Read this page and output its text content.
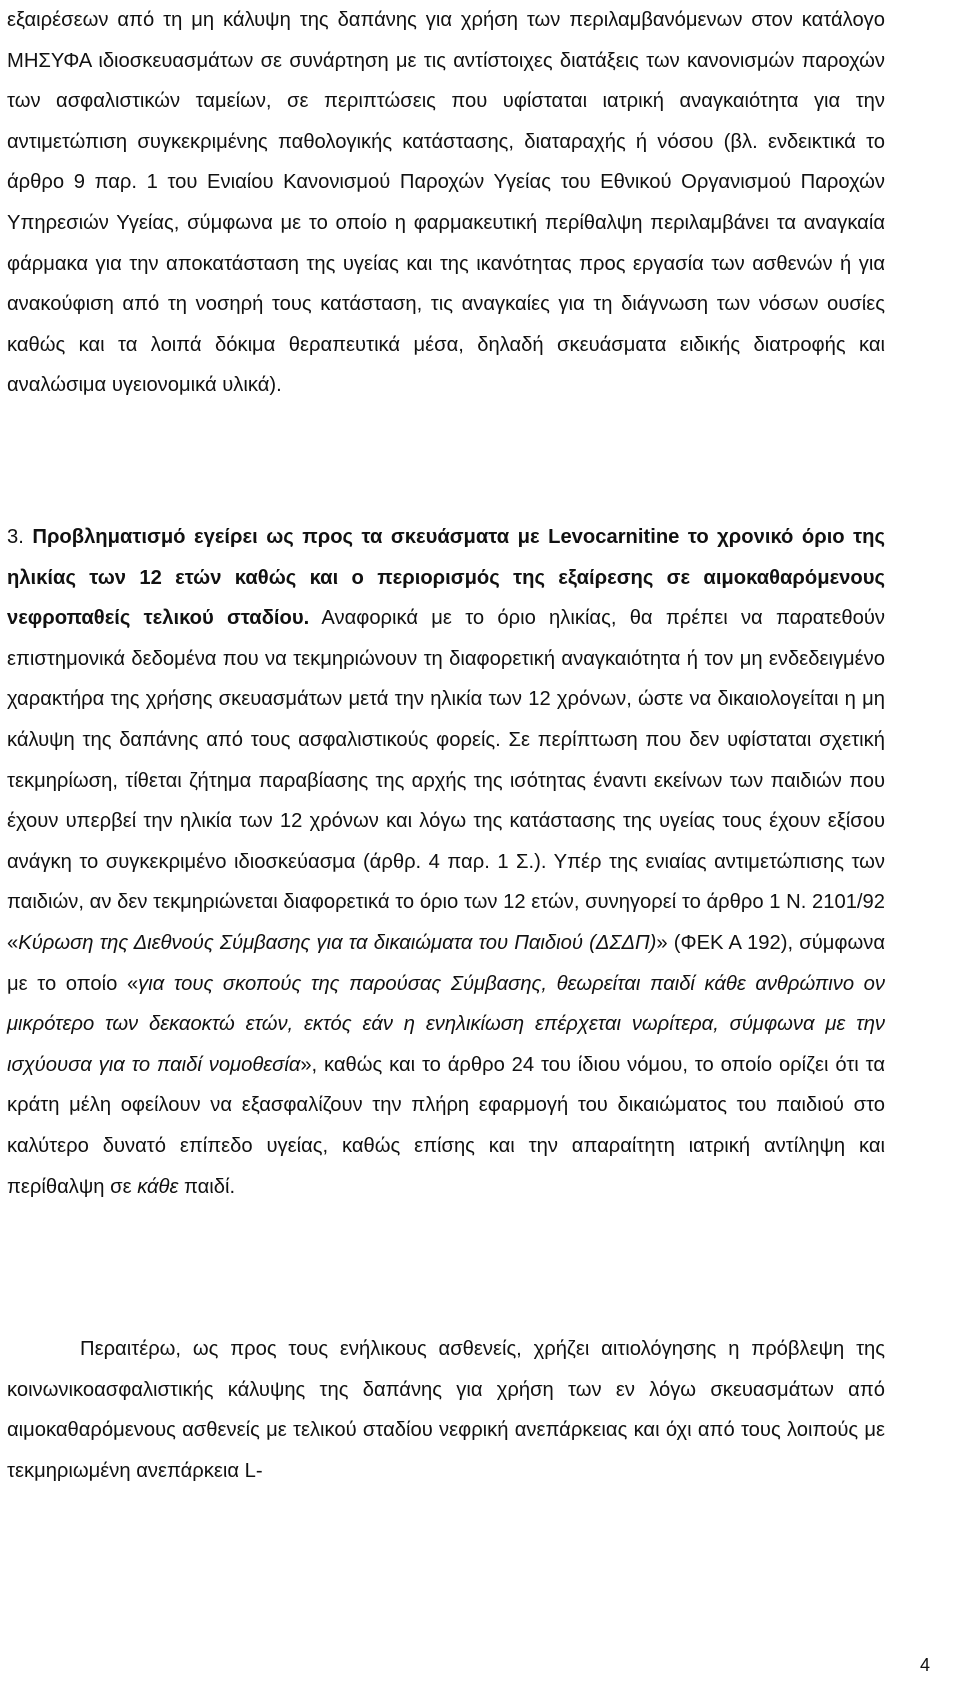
εξαιρέσεων από τη μη κάλυψη της δαπάνης για χρήση των περιλαμβανόμενων στον κατάλογο ΜΗΣΥΦΑ ιδιοσκευασμάτων σε συνάρτηση με τις αντίστοιχες διατάξεις των κανονισμών παροχών των ασφαλιστικών ταμείων, σε περιπτώσεις που υφίσταται ιατρική αναγκαιότητα για την αντιμετώπιση συγκεκριμένης παθολογικής κατάστασης, διαταραχής ή νόσου (βλ. ενδεικτικά το άρθρο 9 παρ. 1 του Ενιαίου Κανονισμού Παροχών Υγείας του Εθνικού Οργανισμού Παροχών Υπηρεσιών Υγείας, σύμφωνα με το οποίο η φαρμακευτική περίθαλψη περιλαμβάνει τα αναγκαία φάρμακα για την αποκατάσταση της υγείας και της ικανότητας προς εργασία των ασθενών ή για ανακούφιση από τη νοσηρή τους κατάσταση, τις αναγκαίες για τη διάγνωση των νόσων ουσίες καθώς και τα λοιπά δόκιμα θεραπευτικά μέσα, δηλαδή σκευάσματα ειδικής διατροφής και αναλώσιμα υγειονομικά υλικά).

3. Προβληματισμό εγείρει ως προς τα σκευάσματα με Levocarnitine το χρονικό όριο της ηλικίας των 12 ετών καθώς και ο περιορισμός της εξαίρεσης σε αιμοκαθαρόμενους νεφροπαθείς τελικού σταδίου. Αναφορικά με το όριο ηλικίας, θα πρέπει να παρατεθούν επιστημονικά δεδομένα που να τεκμηριώνουν τη διαφορετική αναγκαιότητα ή τον μη ενδεδειγμένο χαρακτήρα της χρήσης σκευασμάτων μετά την ηλικία των 12 χρόνων, ώστε να δικαιολογείται η μη κάλυψη της δαπάνης από τους ασφαλιστικούς φορείς. Σε περίπτωση που δεν υφίσταται σχετική τεκμηρίωση, τίθεται ζήτημα παραβίασης της αρχής της ισότητας έναντι εκείνων των παιδιών που έχουν υπερβεί την ηλικία των 12 χρόνων και λόγω της κατάστασης της υγείας τους έχουν εξίσου ανάγκη το συγκεκριμένο ιδιοσκεύασμα (άρθρ. 4 παρ. 1 Σ.). Υπέρ της ενιαίας αντιμετώπισης των παιδιών, αν δεν τεκμηριώνεται διαφορετικά το όριο των 12 ετών, συνηγορεί το άρθρο 1 Ν. 2101/92 «Κύρωση της Διεθνούς Σύμβασης για τα δικαιώματα του Παιδιού (ΔΣΔΠ)» (ΦΕΚ Α 192), σύμφωνα με το οποίο «για τους σκοπούς της παρούσας Σύμβασης, θεωρείται παιδί κάθε ανθρώπινο ον μικρότερο των δεκαοκτώ ετών, εκτός εάν η ενηλικίωση επέρχεται νωρίτερα, σύμφωνα με την ισχύουσα για το παιδί νομοθεσία», καθώς και το άρθρο 24 του ίδιου νόμου, το οποίο ορίζει ότι τα κράτη μέλη οφείλουν να εξασφαλίζουν την πλήρη εφαρμογή του δικαιώματος του παιδιού στο καλύτερο δυνατό επίπεδο υγείας, καθώς επίσης και την απαραίτητη ιατρική αντίληψη και περίθαλψη σε κάθε παιδί.

Περαιτέρω, ως προς τους ενήλικους ασθενείς, χρήζει αιτιολόγησης η πρόβλεψη της κοινωνικοασφαλιστικής κάλυψης της δαπάνης για χρήση των εν λόγω σκευασμάτων από αιμοκαθαρόμενους ασθενείς με τελικού σταδίου νεφρική ανεπάρκειας και όχι από τους λοιπούς με τεκμηριωμένη ανεπάρκεια L-

4
